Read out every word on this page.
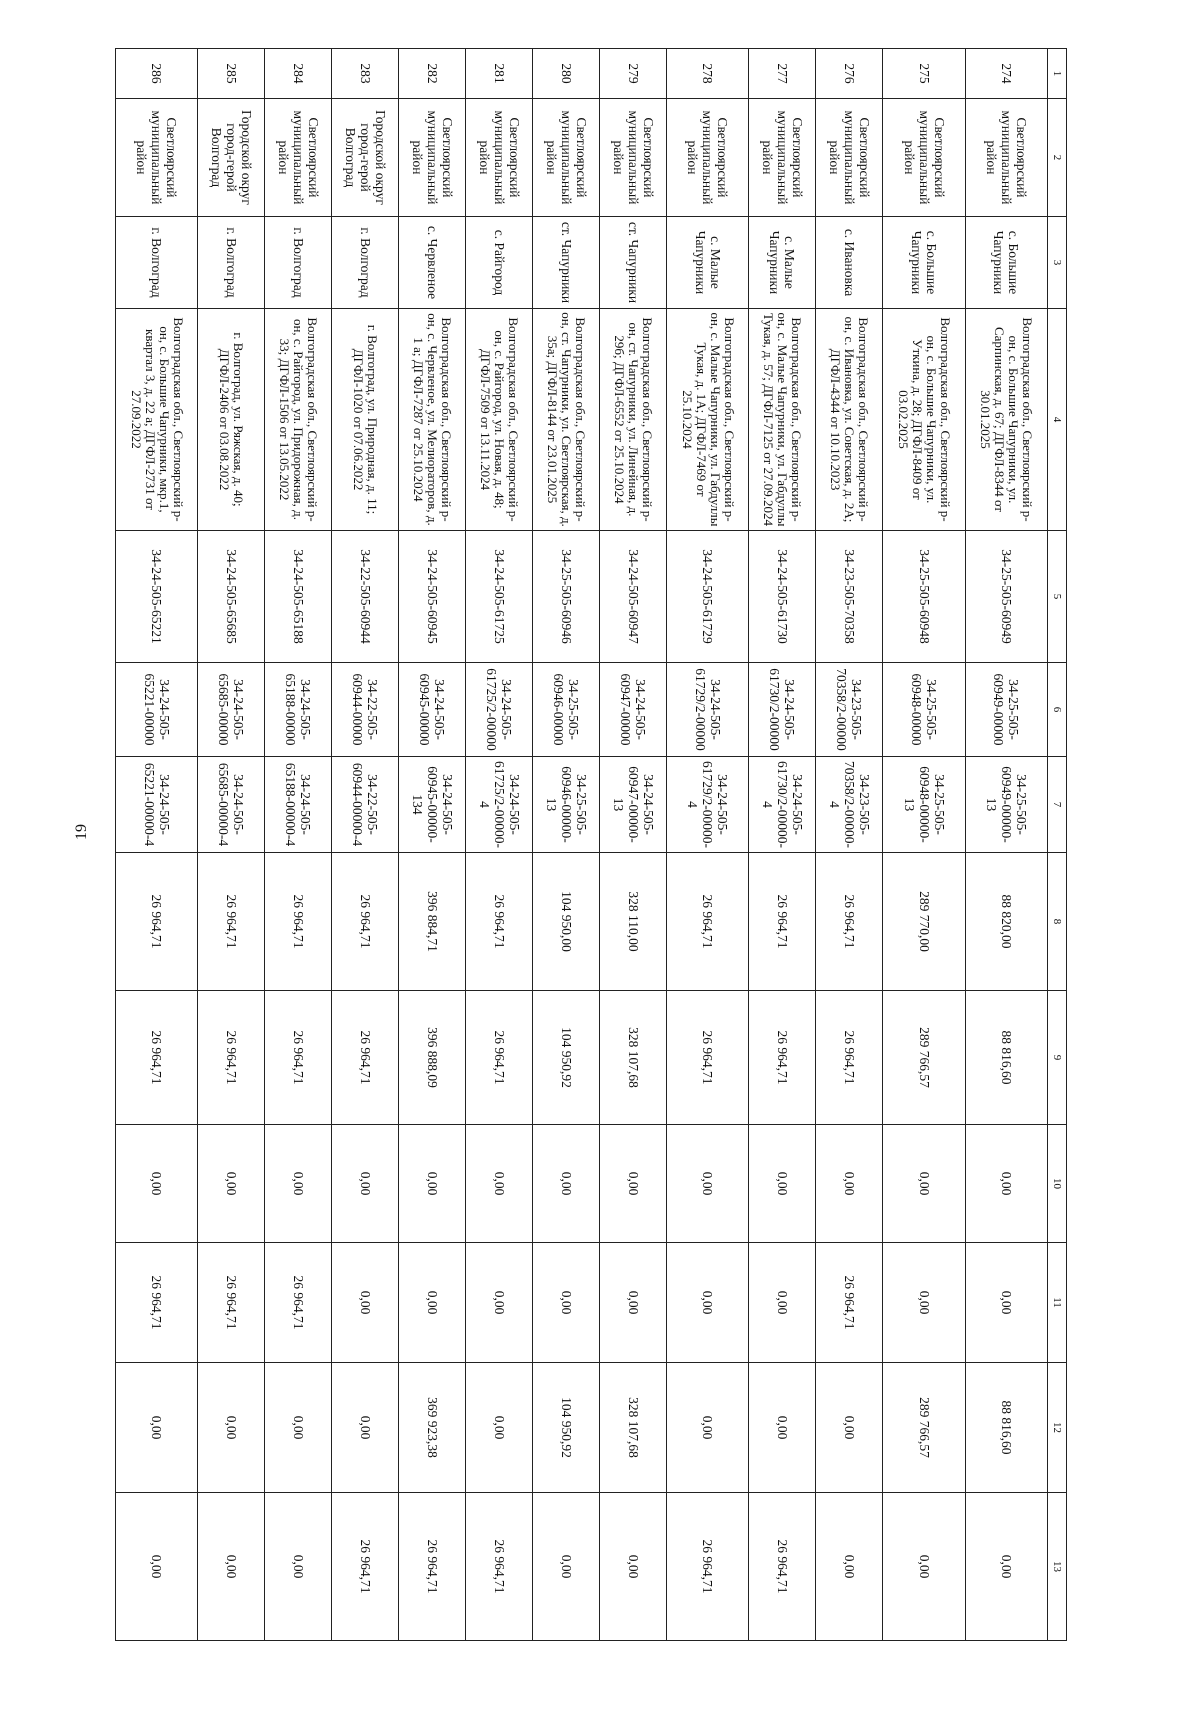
19
1	2	3	4	5	6	7	8	9	10	11	12	13
274	Светлоярский муниципальный район	с. Большие Чапурники	Волгоградская обл., Светлоярский р-он, с. Большие Чапурники, ул. Сарпинская, д. 67; ДГФЛ-8344 от 30.01.2025	34-25-505-60949	34-25-505-60949-00000	34-25-505-60949-00000-13	88 820,00	88 816,60	0,00	0,00	88 816,60	0,00
275	Светлоярский муниципальный район	с. Большие Чапурники	Волгоградская обл., Светлоярский р-он, с. Большие Чапурники, ул. Уткина, д. 28; ДГФЛ-8409 от 03.02.2025	34-25-505-60948	34-25-505-60948-00000	34-25-505-60948-00000-13	289 770,00	289 766,57	0,00	0,00	289 766,57	0,00
276	Светлоярский муниципальный район	с. Ивановка	Волгоградская обл., Светлоярский р-он, с. Ивановка, ул. Советская, д. 2А; ДГФЛ-4344 от 10.10.2023	34-23-505-70358	34-23-505-70358/2-00000	34-23-505-70358/2-00000-4	26 964,71	26 964,71	0,00	26 964,71	0,00	0,00
277	Светлоярский муниципальный район	с. Малые Чапурники	Волгоградская обл., Светлоярский р-он, с. Малые Чапурники, ул. Габдуллы Тукая, д. 57; ДГФЛ-7125 от 27.09.2024	34-24-505-61730	34-24-505-61730/2-00000	34-24-505-61730/2-00000-4	26 964,71	26 964,71	0,00	0,00	0,00	26 964,71
278	Светлоярский муниципальный район	с. Малые Чапурники	Волгоградская обл., Светлоярский р-он, с. Малые Чапурники, ул. Габдуллы Тукая, д. 1А; ДГФЛ-7469 от 25.10.2024	34-24-505-61729	34-24-505-61729/2-00000	34-24-505-61729/2-00000-4	26 964,71	26 964,71	0,00	0,00	0,00	26 964,71
279	Светлоярский муниципальный район	ст. Чапурники	Волгоградская обл., Светлоярский р-он, ст. Чапурники, ул. Линейная, д. 29б; ДГФЛ-6552 от 25.10.2024	34-24-505-60947	34-24-505-60947-00000	34-24-505-60947-00000-13	328 110,00	328 107,68	0,00	0,00	328 107,68	0,00
280	Светлоярский муниципальный район	ст. Чапурники	Волгоградская обл., Светлоярский р-он, ст. Чапурники, ул. Светлоярская, д. 35а; ДГФЛ-8144 от 23.01.2025	34-25-505-60946	34-25-505-60946-00000	34-25-505-60946-00000-13	104 950,00	104 950,92	0,00	0,00	104 950,92	0,00
281	Светлоярский муниципальный район	с. Райгород	Волгоградская обл., Светлоярский р-он, с. Райгород, ул. Новая, д. 48; ДГФЛ-7509 от 13.11.2024	34-24-505-61725	34-24-505-61725/2-00000	34-24-505-61725/2-00000-4	26 964,71	26 964,71	0,00	0,00	0,00	26 964,71
282	Светлоярский муниципальный район	с. Червленое	Волгоградская обл., Светлоярский р-он, с. Червленое, ул. Мелиораторов, д. 1 а; ДГФЛ-7287 от 25.10.2024	34-24-505-60945	34-24-505-60945-00000	34-24-505-60945-00000-134	396 884,71	396 888,09	0,00	0,00	369 923,38	26 964,71
283	Городской округ город-герой Волгоград	г. Волгоград	г. Волгоград, ул. Природная, д. 11; ДГФЛ-1020 от 07.06.2022	34-22-505-60944	34-22-505-60944-00000	34-22-505-60944-00000-4	26 964,71	26 964,71	0,00	0,00	0,00	26 964,71
284	Светлоярский муниципальный район	г. Волгоград	Волгоградская обл., Светлоярский р-он, с. Райгород, ул. Придорожная, д. 33; ДГФЛ-1506 от 13.05.2022	34-24-505-65188	34-24-505-65188-00000	34-24-505-65188-00000-4	26 964,71	26 964,71	0,00	26 964,71	0,00	0,00
285	Городской округ город-герой Волгоград	г. Волгоград	г. Волгоград, ул. Ряжская, д. 40; ДГФЛ-2406 от 03.08.2022	34-24-505-65685	34-24-505-65685-00000	34-24-505-65685-00000-4	26 964,71	26 964,71	0,00	26 964,71	0,00	0,00
286	Светлоярский муниципальный район	г. Волгоград	Волгоградская обл., Светлоярский р-он, с. Большие Чапурники, мкр.1, квартал 3, д. 22 а; ДГФЛ-2731 от 27.09.2022	34-24-505-65221	34-24-505-65221-00000	34-24-505-65221-00000-4	26 964,71	26 964,71	0,00	26 964,71	0,00	0,00
